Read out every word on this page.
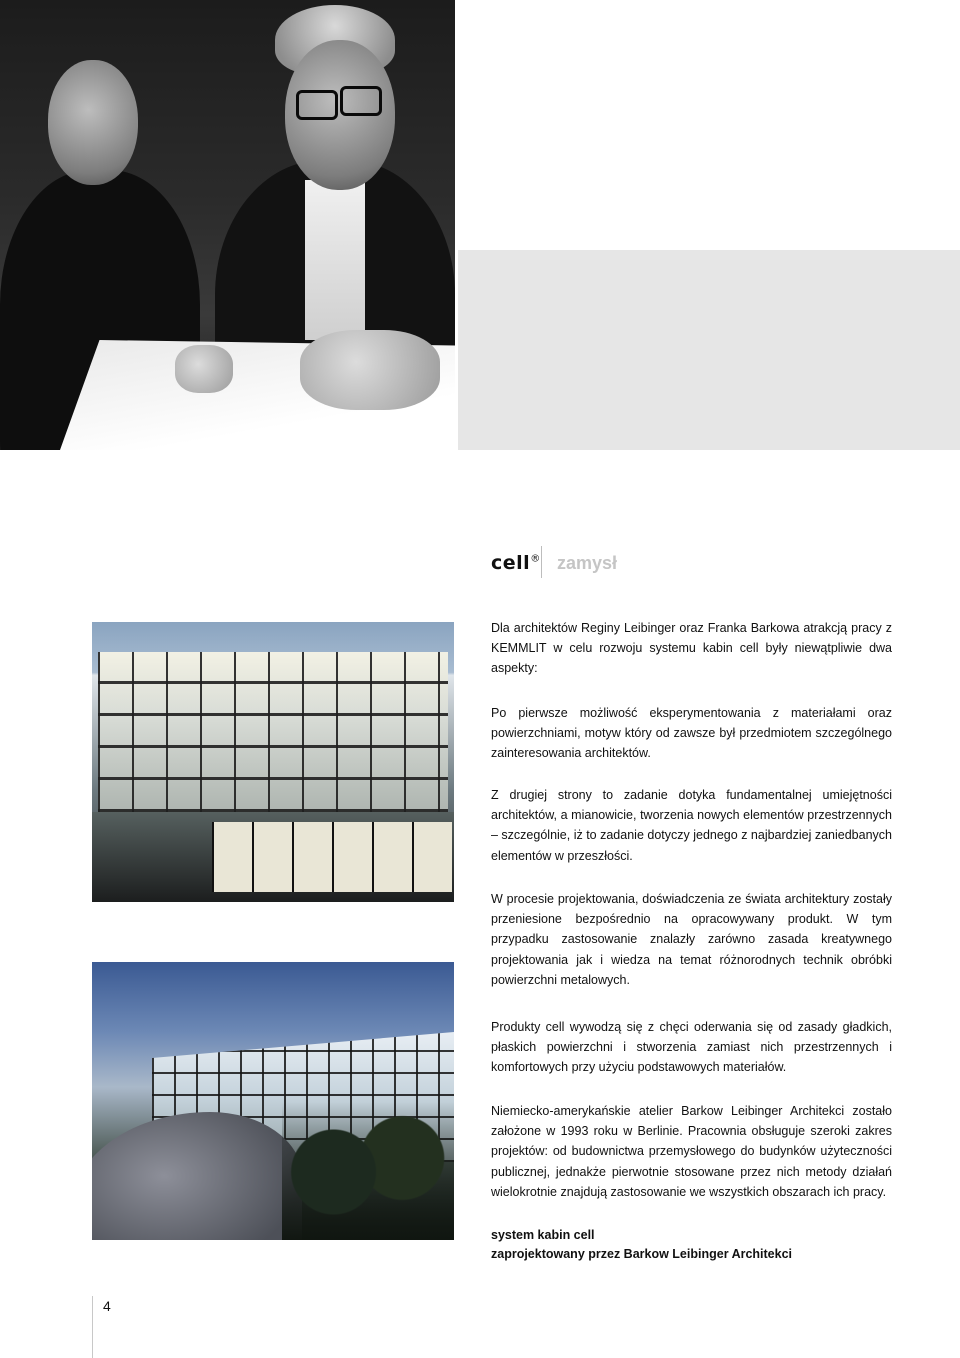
cell® zamysł

Dla architektów Reginy Leibinger oraz Franka Barkowa atrakcją pracy z KEMMLIT w celu rozwoju systemu kabin cell były niewątpliwie dwa aspekty:

Po pierwsze możliwość eksperymentowania z materiałami oraz powierzchniami, motyw który od zawsze był przedmiotem szczególnego zainteresowania architektów.

Z drugiej strony to zadanie dotyka fundamentalnej umiejętności architektów, a mianowicie, tworzenia nowych elementów przestrzennych – szczególnie, iż to zadanie dotyczy jednego z najbardziej zaniedbanych elementów w przeszłości.

W procesie projektowania, doświadczenia ze świata architektury zostały przeniesione bezpośrednio na opracowywany produkt. W tym przypadku zastosowanie znalazły zarówno zasada kreatywnego projektowania jak i wiedza na temat różnorodnych technik obróbki powierzchni metalowych.

Produkty cell wywodzą się z chęci oderwania się od zasady gładkich, płaskich powierzchni i stworzenia zamiast nich przestrzennych i komfortowych przy użyciu podstawowych materiałów.

Niemiecko-amerykańskie atelier Barkow Leibinger Architekci zostało założone w 1993 roku w Berlinie. Pracownia obsługuje szeroki zakres projektów: od budownictwa przemysłowego do budynków użyteczności publicznej, jednakże pierwotnie stosowane przez nich metody działań wielokrotnie znajdują zastosowanie we wszystkich obszarach ich pracy.

system kabin cell
zaprojektowany przez Barkow Leibinger Architekci
4
